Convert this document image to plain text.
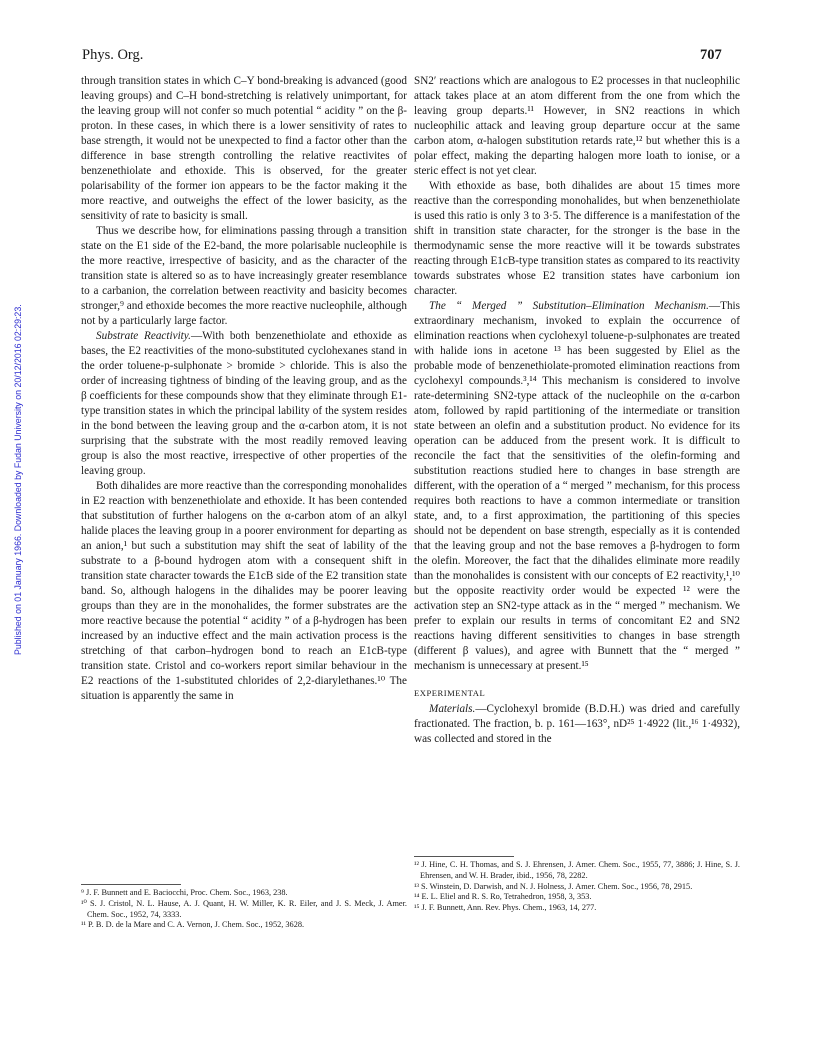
Published on 01 January 1966. Downloaded by Fudan University on 20/12/2016 02:29:23.
Phys. Org.	707

through transition states in which C–Y bond-breaking is advanced (good leaving groups) and C–H bond-stretching is relatively unimportant, for the leaving group will not confer so much potential “ acidity ” on the β-proton. In these cases, in which there is a lower sensitivity of rates to base strength, it would not be unexpected to find a factor other than the difference in base strength controlling the relative reactivites of benzenethiolate and ethoxide. This is observed, for the greater polarisability of the former ion appears to be the factor making it the more reactive, and outweighs the effect of the lower basicity, as the sensitivity of rate to basicity is small.

Thus we describe how, for eliminations passing through a transition state on the E1 side of the E2-band, the more polarisable nucleophile is the more reactive, irrespective of basicity, and as the character of the transition state is altered so as to have increasingly greater resemblance to a carbanion, the correlation between reactivity and basicity becomes stronger,⁹ and ethoxide becomes the more reactive nucleophile, although not by a particularly large factor.

Substrate Reactivity.—With both benzenethiolate and ethoxide as bases, the E2 reactivities of the mono-substituted cyclohexanes stand in the order toluene-p-sulphonate > bromide > chloride. This is also the order of increasing tightness of binding of the leaving group, and as the β coefficients for these compounds show that they eliminate through E1-type transition states in which the principal lability of the system resides in the bond between the leaving group and the α-carbon atom, it is not surprising that the substrate with the most readily removed leaving group is also the most reactive, irrespective of other properties of the leaving group.

Both dihalides are more reactive than the corresponding monohalides in E2 reaction with benzenethiolate and ethoxide. It has been contended that substitution of further halogens on the α-carbon atom of an alkyl halide places the leaving group in a poorer environment for departing as an anion,¹ but such a substitution may shift the seat of lability of the substrate to a β-bound hydrogen atom with a consequent shift in transition state character towards the E1cB side of the E2 transition state band. So, although halogens in the dihalides may be poorer leaving groups than they are in the monohalides, the former substrates are the more reactive because the potential “ acidity ” of a β-hydrogen has been increased by an inductive effect and the main activation process is the stretching of that carbon–hydrogen bond to reach an E1cB-type transition state. Cristol and co-workers report similar behaviour in the E2 reactions of the 1-substituted chlorides of 2,2-diarylethanes.¹⁰ The situation is apparently the same in

⁹ J. F. Bunnett and E. Baciocchi, Proc. Chem. Soc., 1963, 238.

¹⁰ S. J. Cristol, N. L. Hause, A. J. Quant, H. W. Miller, K. R. Eiler, and J. S. Meck, J. Amer. Chem. Soc., 1952, 74, 3333.

¹¹ P. B. D. de la Mare and C. A. Vernon, J. Chem. Soc., 1952, 3628.

SN2′ reactions which are analogous to E2 processes in that nucleophilic attack takes place at an atom different from the one from which the leaving group departs.¹¹ However, in SN2 reactions in which nucleophilic attack and leaving group departure occur at the same carbon atom, α-halogen substitution retards rate,¹² but whether this is a polar effect, making the departing halogen more loath to ionise, or a steric effect is not yet clear.

With ethoxide as base, both dihalides are about 15 times more reactive than the corresponding monohalides, but when benzenethiolate is used this ratio is only 3 to 3·5. The difference is a manifestation of the shift in transition state character, for the stronger is the base in the thermodynamic sense the more reactive will it be towards substrates reacting through E1cB-type transition states as compared to its reactivity towards substrates whose E2 transition states have carbonium ion character.

The “ Merged ” Substitution–Elimination Mechanism.—This extraordinary mechanism, invoked to explain the occurrence of elimination reactions when cyclohexyl toluene-p-sulphonates are treated with halide ions in acetone ¹³ has been suggested by Eliel as the probable mode of benzenethiolate-promoted elimination reactions from cyclohexyl compounds.³,¹⁴ This mechanism is considered to involve rate-determining SN2-type attack of the nucleophile on the α-carbon atom, followed by rapid partitioning of the intermediate or transition state between an olefin and a substitution product. No evidence for its operation can be adduced from the present work. It is difficult to reconcile the fact that the sensitivities of the olefin-forming and substitution reactions studied here to changes in base strength are different, with the operation of a “ merged ” mechanism, for this process requires both reactions to have a common intermediate or transition state, and, to a first approximation, the partitioning of this species should not be dependent on base strength, especially as it is contended that the leaving group and not the base removes a β-hydrogen to form the olefin. Moreover, the fact that the dihalides eliminate more readily than the monohalides is consistent with our concepts of E2 reactivity,¹,¹⁰ but the opposite reactivity order would be expected ¹² were the activation step an SN2-type attack as in the “ merged ” mechanism. We prefer to explain our results in terms of concomitant E2 and SN2 reactions having different sensitivities to changes in base strength (different β values), and agree with Bunnett that the “ merged ” mechanism is unnecessary at present.¹⁵

EXPERIMENTAL

Materials.—Cyclohexyl bromide (B.D.H.) was dried and carefully fractionated. The fraction, b. p. 161—163°, nD²⁵ 1·4922 (lit.,¹⁶ 1·4932), was collected and stored in the

¹² J. Hine, C. H. Thomas, and S. J. Ehrensen, J. Amer. Chem. Soc., 1955, 77, 3886; J. Hine, S. J. Ehrensen, and W. H. Brader, ibid., 1956, 78, 2282.

¹³ S. Winstein, D. Darwish, and N. J. Holness, J. Amer. Chem. Soc., 1956, 78, 2915.

¹⁴ E. L. Eliel and R. S. Ro, Tetrahedron, 1958, 3, 353.

¹⁵ J. F. Bunnett, Ann. Rev. Phys. Chem., 1963, 14, 277.
